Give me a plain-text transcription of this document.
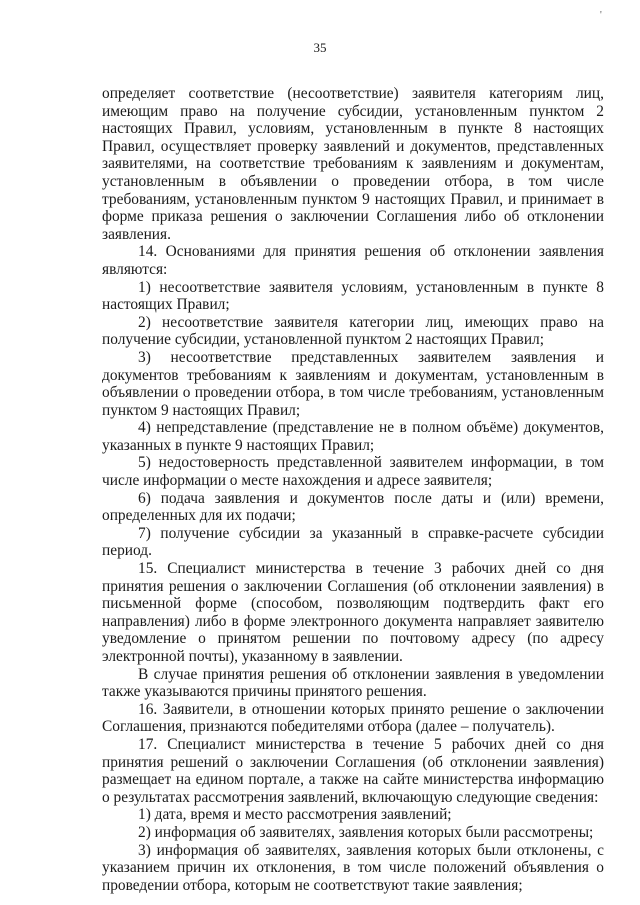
'
35

определяет соответствие (несоответствие) заявителя категориям лиц, имеющим право на получение субсидии, установленным пунктом 2 настоящих Правил, условиям, установленным в пункте 8 настоящих Правил, осуществляет проверку заявлений и документов, представленных заявителями, на соответствие требованиям к заявлениям и документам, установленным в объявлении о проведении отбора, в том числе требованиям, установленным пунктом 9 настоящих Правил, и принимает в форме приказа решения о заключении Соглашения либо об отклонении заявления.

14. Основаниями для принятия решения об отклонении заявления являются:

1) несоответствие заявителя условиям, установленным в пункте 8 настоящих Правил;

2) несоответствие заявителя категории лиц, имеющих право на получение субсидии, установленной пунктом 2 настоящих Правил;

3) несоответствие представленных заявителем заявления и документов требованиям к заявлениям и документам, установленным в объявлении о проведении отбора, в том числе требованиям, установленным пунктом 9 настоящих Правил;

4) непредставление (представление не в полном объёме) документов, указанных в пункте 9 настоящих Правил;

5) недостоверность представленной заявителем информации, в том числе информации о месте нахождения и адресе заявителя;

6) подача заявления и документов после даты и (или) времени, определенных для их подачи;

7) получение субсидии за указанный в справке-расчете субсидии период.

15. Специалист министерства в течение 3 рабочих дней со дня принятия решения о заключении Соглашения (об отклонении заявления) в письменной форме (способом, позволяющим подтвердить факт его направления) либо в форме электронного документа направляет заявителю уведомление о принятом решении по почтовому адресу (по адресу электронной почты), указанному в заявлении.

В случае принятия решения об отклонении заявления в уведомлении также указываются причины принятого решения.

16. Заявители, в отношении которых принято решение о заключении Соглашения, признаются победителями отбора (далее – получатель).

17. Специалист министерства в течение 5 рабочих дней со дня принятия решений о заключении Соглашения (об отклонении заявления) размещает на едином портале, а также на сайте министерства информацию о результатах рассмотрения заявлений, включающую следующие сведения:

1) дата, время и место рассмотрения заявлений;

2) информация об заявителях, заявления которых были рассмотрены;

3) информация об заявителях, заявления которых были отклонены, с указанием причин их отклонения, в том числе положений объявления о проведении отбора, которым не соответствуют такие заявления;
